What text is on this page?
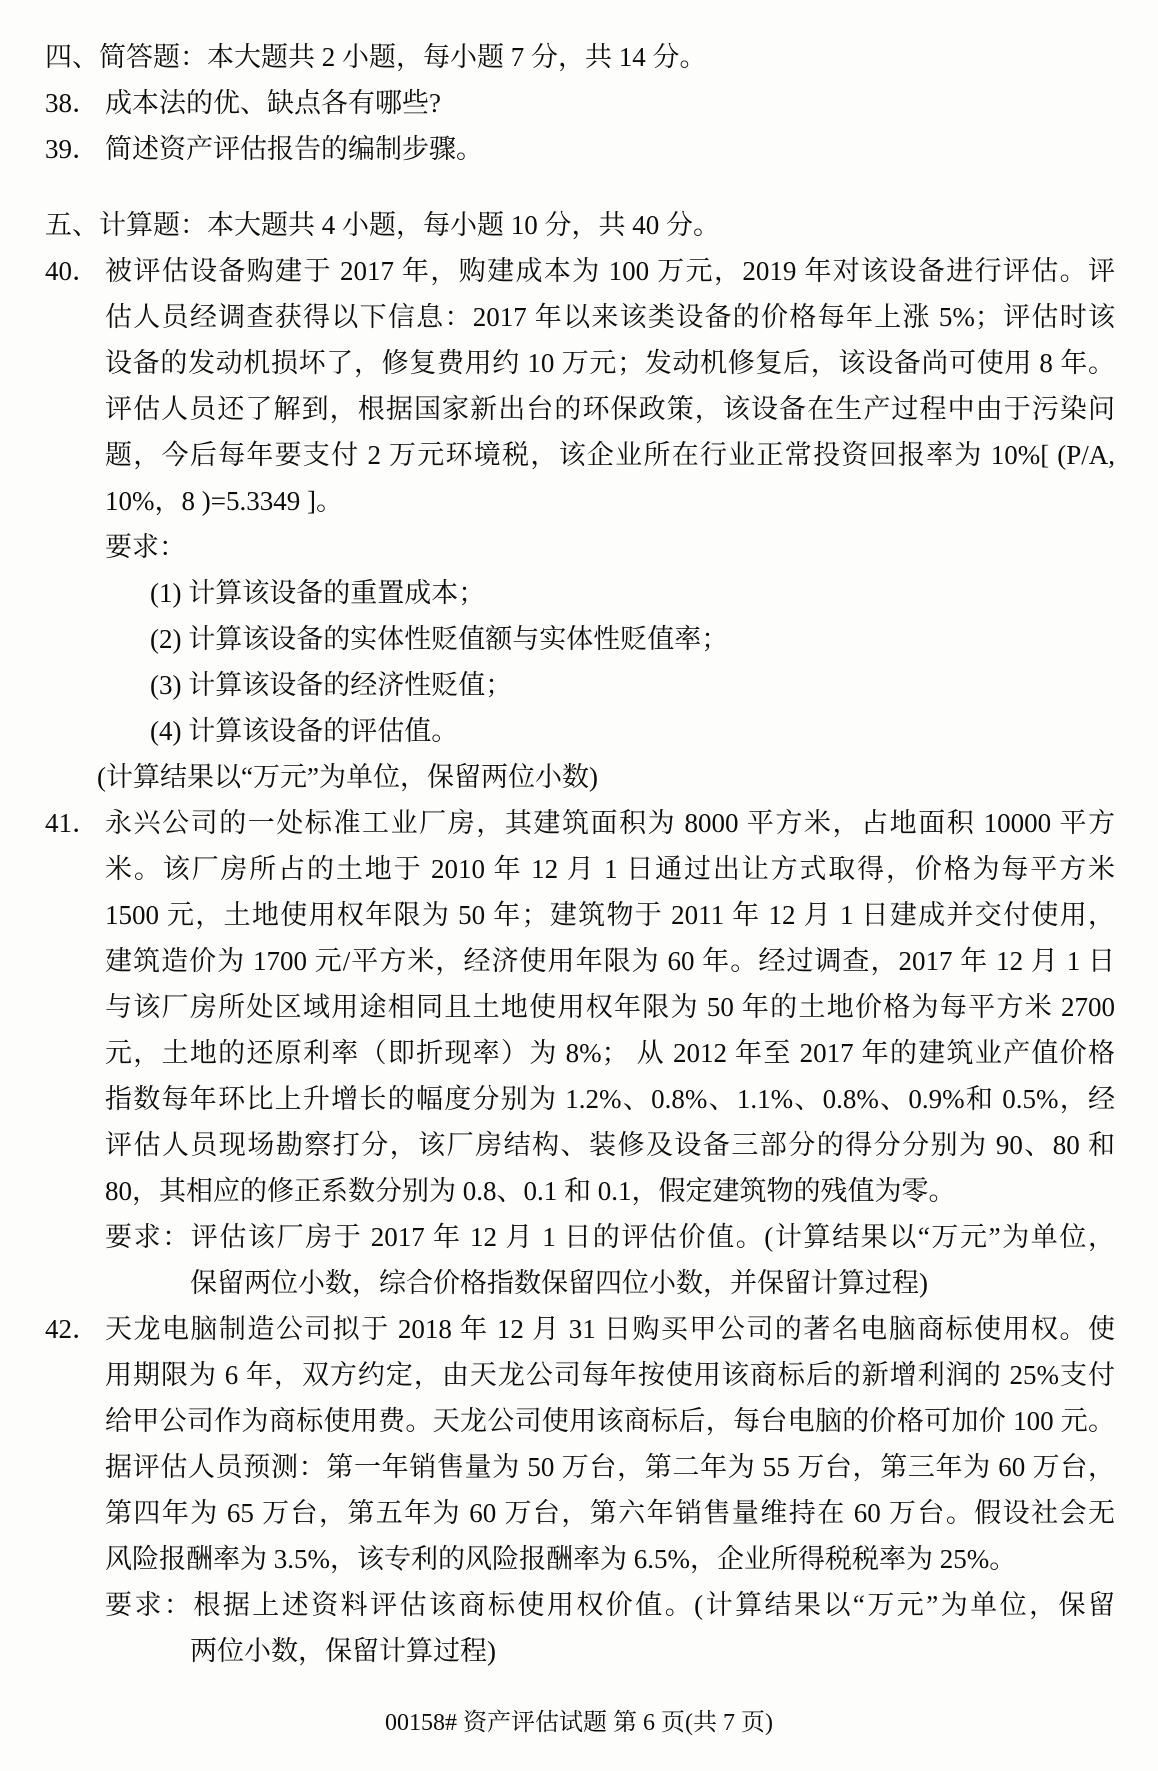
四、简答题：本大题共 2 小题，每小题 7 分，共 14 分。
38． 成本法的优、缺点各有哪些?
39． 简述资产评估报告的编制步骤。
五、计算题：本大题共 4 小题，每小题 10 分，共 40 分。
40． 被评估设备购建于 2017 年，购建成本为 100 万元，2019 年对该设备进行评估。评
估人员经调查获得以下信息：2017 年以来该类设备的价格每年上涨 5%；评估时该
设备的发动机损坏了，修复费用约 10 万元；发动机修复后，该设备尚可使用 8 年。
评估人员还了解到，根据国家新出台的环保政策，该设备在生产过程中由于污染问
题，今后每年要支付 2 万元环境税，该企业所在行业正常投资回报率为 10%[ (P/A,
10%，8 )=5.3349 ]。
要求：
(1) 计算该设备的重置成本；
(2) 计算该设备的实体性贬值额与实体性贬值率；
(3) 计算该设备的经济性贬值；
(4) 计算该设备的评估值。
(计算结果以“万元”为单位，保留两位小数)
41． 永兴公司的一处标准工业厂房，其建筑面积为 8000 平方米，占地面积 10000 平方
米。该厂房所占的土地于 2010 年 12 月 1 日通过出让方式取得，价格为每平方米
1500 元，土地使用权年限为 50 年；建筑物于 2011 年 12 月 1 日建成并交付使用，
建筑造价为 1700 元/平方米，经济使用年限为 60 年。经过调查，2017 年 12 月 1 日
与该厂房所处区域用途相同且土地使用权年限为 50 年的土地价格为每平方米 2700
元，土地的还原利率（即折现率）为 8%； 从 2012 年至 2017 年的建筑业产值价格
指数每年环比上升增长的幅度分别为 1.2%、0.8%、1.1%、0.8%、0.9%和 0.5%，经
评估人员现场勘察打分，该厂房结构、装修及设备三部分的得分分别为 90、80 和
80，其相应的修正系数分别为 0.8、0.1 和 0.1，假定建筑物的残值为零。
要求：评估该厂房于 2017 年 12 月 1 日的评估价值。(计算结果以“万元”为单位，
保留两位小数，综合价格指数保留四位小数，并保留计算过程)
42． 天龙电脑制造公司拟于 2018 年 12 月 31 日购买甲公司的著名电脑商标使用权。使
用期限为 6 年，双方约定，由天龙公司每年按使用该商标后的新增利润的 25%支付
给甲公司作为商标使用费。天龙公司使用该商标后，每台电脑的价格可加价 100 元。
据评估人员预测：第一年销售量为 50 万台，第二年为 55 万台，第三年为 60 万台，
第四年为 65 万台，第五年为 60 万台，第六年销售量维持在 60 万台。假设社会无
风险报酬率为 3.5%，该专利的风险报酬率为 6.5%，企业所得税税率为 25%。
要求：根据上述资料评估该商标使用权价值。(计算结果以“万元”为单位，保留
两位小数，保留计算过程)
00158# 资产评估试题 第 6 页(共 7 页)
